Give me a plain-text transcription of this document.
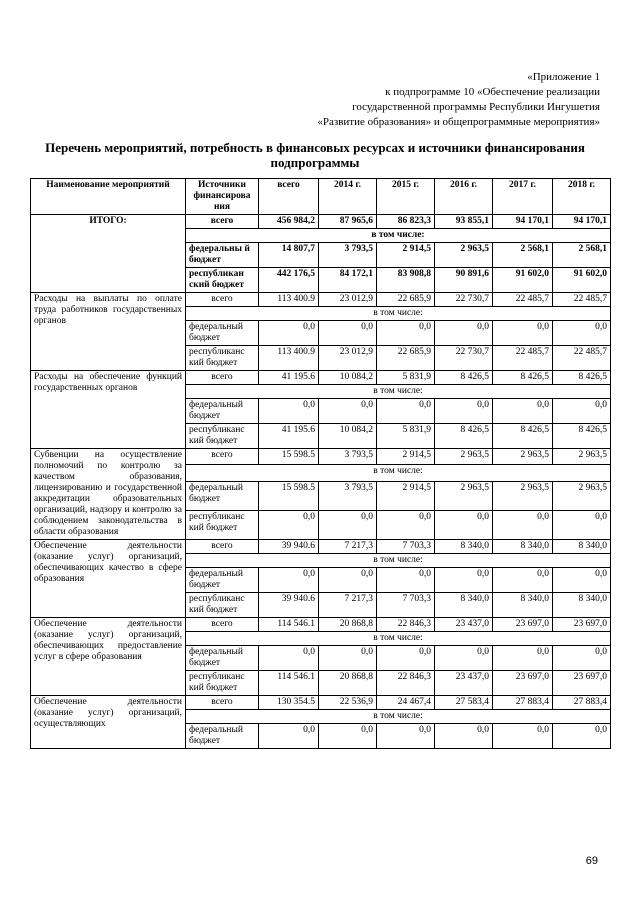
«Приложение 1
к подпрограмме 10 «Обеспечение реализации
государственной программы Республики Ингушетия
«Развитие образования» и общепрограммные мероприятия»
Перечень мероприятий, потребность в финансовых ресурсах и источники финансирования
подпрограммы
Наименование мероприятий	Источники финансирова ния	всего	2014 г.	2015 г.	2016 г.	2017 г.	2018 г.
ИТОГО:	всего	456 984,2	87 965,6	86 823,3	93 855,1	94 170,1	94 170,1
	в том числе:						
	федеральны й бюджет	14 807,7	3 793,5	2 914,5	2 963,5	2 568,1	2 568,1
	республикан ский бюджет	442 176,5	84 172,1	83 908,8	90 891,6	91 602,0	91 602,0
Расходы на выплаты по оплате труда работников государственных органов	всего	113 400.9	23 012,9	22 685,9	22 730,7	22 485,7	22 485,7
	в том числе:						
	федеральный бюджет	0,0	0,0	0,0	0,0	0,0	0,0
	республиканс кий бюджет	113 400.9	23 012,9	22 685,9	22 730,7	22 485,7	22 485,7
Расходы на обеспечение функций государственных органов	всего	41 195.6	10 084,2	5 831,9	8 426,5	8 426,5	8 426,5
	в том числе:						
	федеральный бюджет	0,0	0,0	0,0	0,0	0,0	0,0
	республиканс кий бюджет	41 195.6	10 084,2	5 831,9	8 426,5	8 426,5	8 426,5
Субвенции на осуществление полномочий по контролю за качеством образования, лицензированию и государственной аккредитации образовательных организаций, надзору и контролю за соблюдением законодательства в области образования	всего	15 598.5	3 793,5	2 914,5	2 963,5	2 963,5	2 963,5
	в том числе:						
	федеральный бюджет	15 598.5	3 793,5	2 914,5	2 963,5	2 963,5	2 963,5
	республиканс кий бюджет	0,0	0,0	0,0	0,0	0,0	0,0
Обеспечение деятельности (оказание услуг) организаций, обеспечивающих качество в сфере образования	всего	39 940.6	7 217,3	7 703,3	8 340,0	8 340,0	8 340,0
	в том числе:						
	федеральный бюджет	0,0	0,0	0,0	0,0	0,0	0,0
	республиканс кий бюджет	39 940.6	7 217,3	7 703,3	8 340,0	8 340,0	8 340,0
Обеспечение деятельности (оказание услуг) организаций, обеспечивающих предоставление услуг в сфере образования	всего	114 546.1	20 868,8	22 846,3	23 437,0	23 697,0	23 697,0
	в том числе:						
	федеральный бюджет	0,0	0,0	0,0	0,0	0,0	0,0
	республиканс кий бюджет	114 546.1	20 868,8	22 846,3	23 437,0	23 697,0	23 697,0
Обеспечение деятельности (оказание услуг) организаций, осуществляющих	всего	130 354.5	22 536,9	24 467,4	27 583,4	27 883,4	27 883,4
	в том числе:						
	федеральный бюджет	0,0	0,0	0,0	0,0	0,0	0,0
69
